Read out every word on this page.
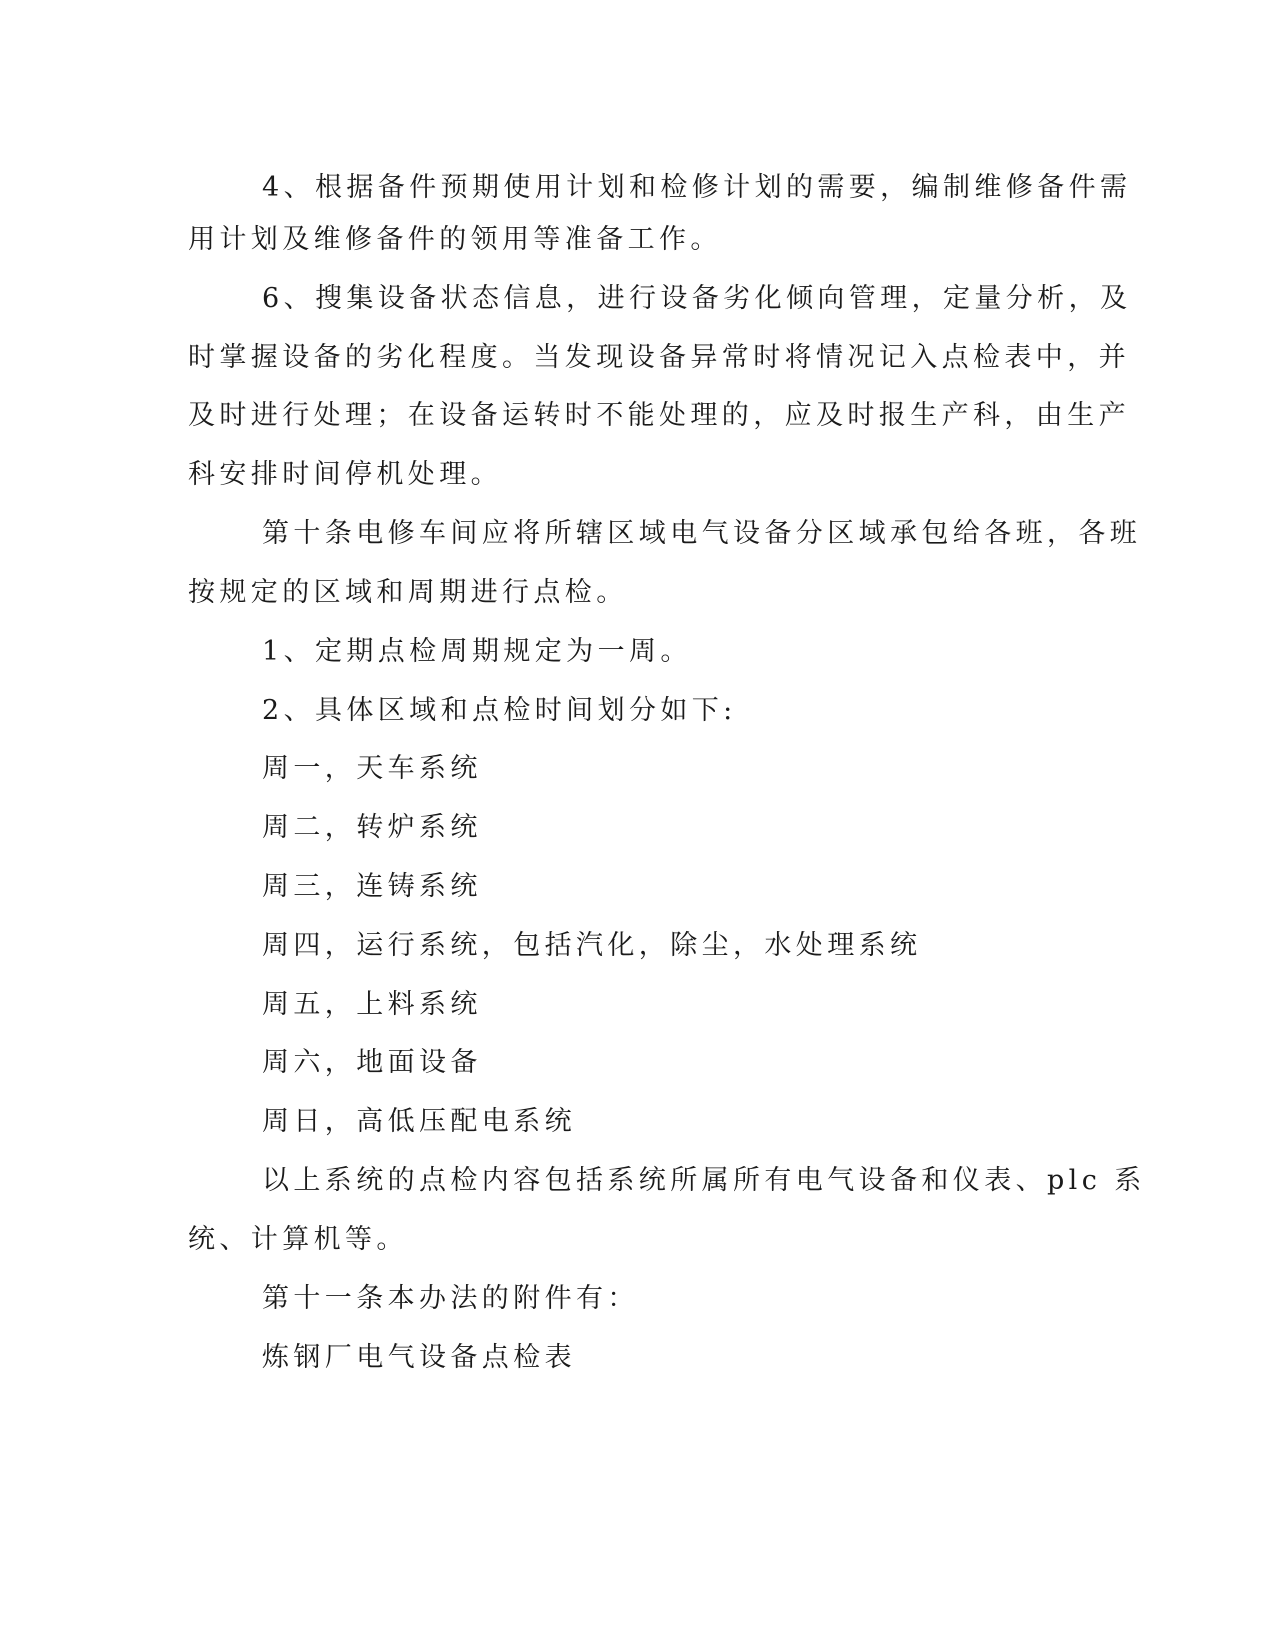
4、根据备件预期使用计划和检修计划的需要，编制维修备件需
用计划及维修备件的领用等准备工作。
6、搜集设备状态信息，进行设备劣化倾向管理，定量分析，及
时掌握设备的劣化程度。当发现设备异常时将情况记入点检表中，并
及时进行处理；在设备运转时不能处理的，应及时报生产科，由生产
科安排时间停机处理。
第十条电修车间应将所辖区域电气设备分区域承包给各班，各班
按规定的区域和周期进行点检。
1、定期点检周期规定为一周。
2、具体区域和点检时间划分如下:
周一，天车系统
周二，转炉系统
周三，连铸系统
周四，运行系统，包括汽化，除尘，水处理系统
周五，上料系统
周六，地面设备
周日，高低压配电系统
以上系统的点检内容包括系统所属所有电气设备和仪表、plc 系
统、计算机等。
第十一条本办法的附件有：
炼钢厂电气设备点检表
